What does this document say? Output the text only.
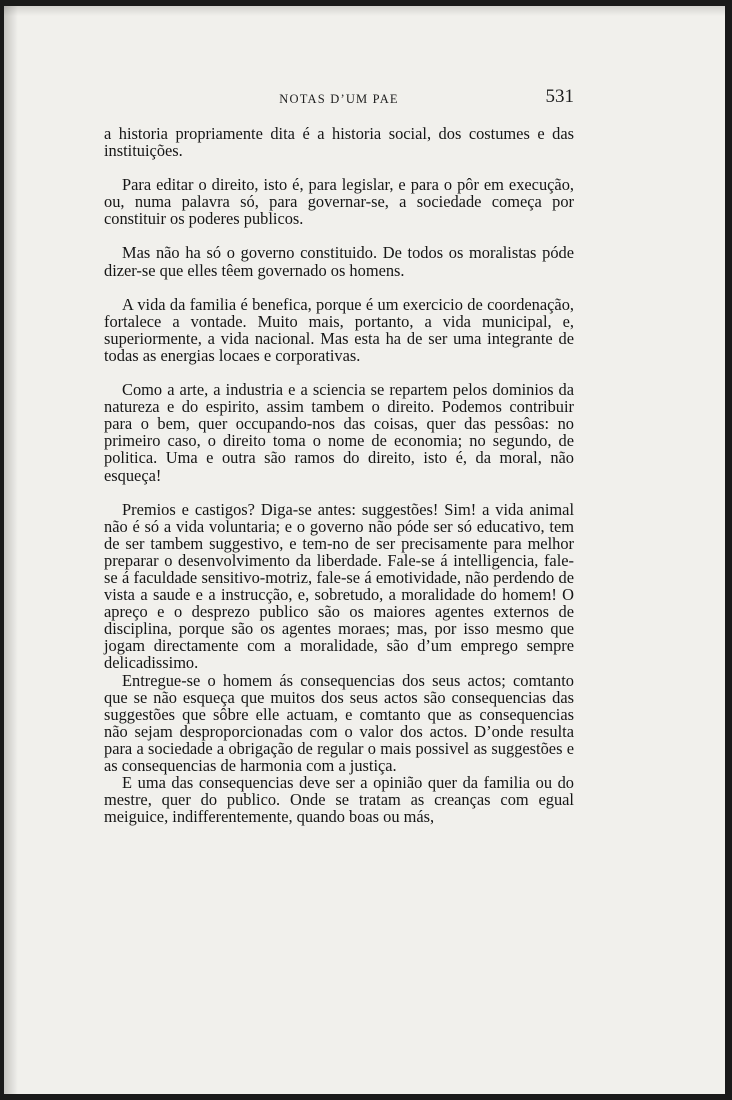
NOTAS D’UM PAE	531

a historia propriamente dita é a historia social, dos costumes e das instituições.

Para editar o direito, isto é, para legislar, e para o pôr em execução, ou, numa palavra só, para governar-se, a sociedade começa por constituir os poderes publicos.

Mas não ha só o governo constituido. De todos os moralistas póde dizer-se que elles têem governado os homens.

A vida da familia é benefica, porque é um exercicio de coordenação, fortalece a vontade. Muito mais, portanto, a vida municipal, e, superiormente, a vida nacional. Mas esta ha de ser uma integrante de todas as energias locaes e corporativas.

Como a arte, a industria e a sciencia se repartem pelos dominios da natureza e do espirito, assim tambem o direito. Podemos contribuir para o bem, quer occupando-nos das coisas, quer das pessôas: no primeiro caso, o direito toma o nome de economia; no segundo, de politica. Uma e outra são ramos do direito, isto é, da moral, não esqueça!

Premios e castigos? Diga-se antes: suggestões! Sim! a vida animal não é só a vida voluntaria; e o governo não póde ser só educativo, tem de ser tambem suggestivo, e tem-no de ser precisamente para melhor preparar o desenvolvimento da liberdade. Fale-se á intelligencia, fale-se á faculdade sensitivo-motriz, fale-se á emotividade, não perdendo de vista a saude e a instrucção, e, sobretudo, a moralidade do homem! O apreço e o desprezo publico são os maiores agentes externos de disciplina, porque são os agentes moraes; mas, por isso mesmo que jogam directamente com a moralidade, são d’um emprego sempre delicadissimo.

Entregue-se o homem ás consequencias dos seus actos; comtanto que se não esqueça que muitos dos seus actos são consequencias das suggestões que sôbre elle actuam, e comtanto que as consequencias não sejam desproporcionadas com o valor dos actos. D’onde resulta para a sociedade a obrigação de regular o mais possivel as suggestões e as consequencias de harmonia com a justiça.

E uma das consequencias deve ser a opinião quer da familia ou do mestre, quer do publico. Onde se tratam as creanças com egual meiguice, indifferentemente, quando boas ou más,
